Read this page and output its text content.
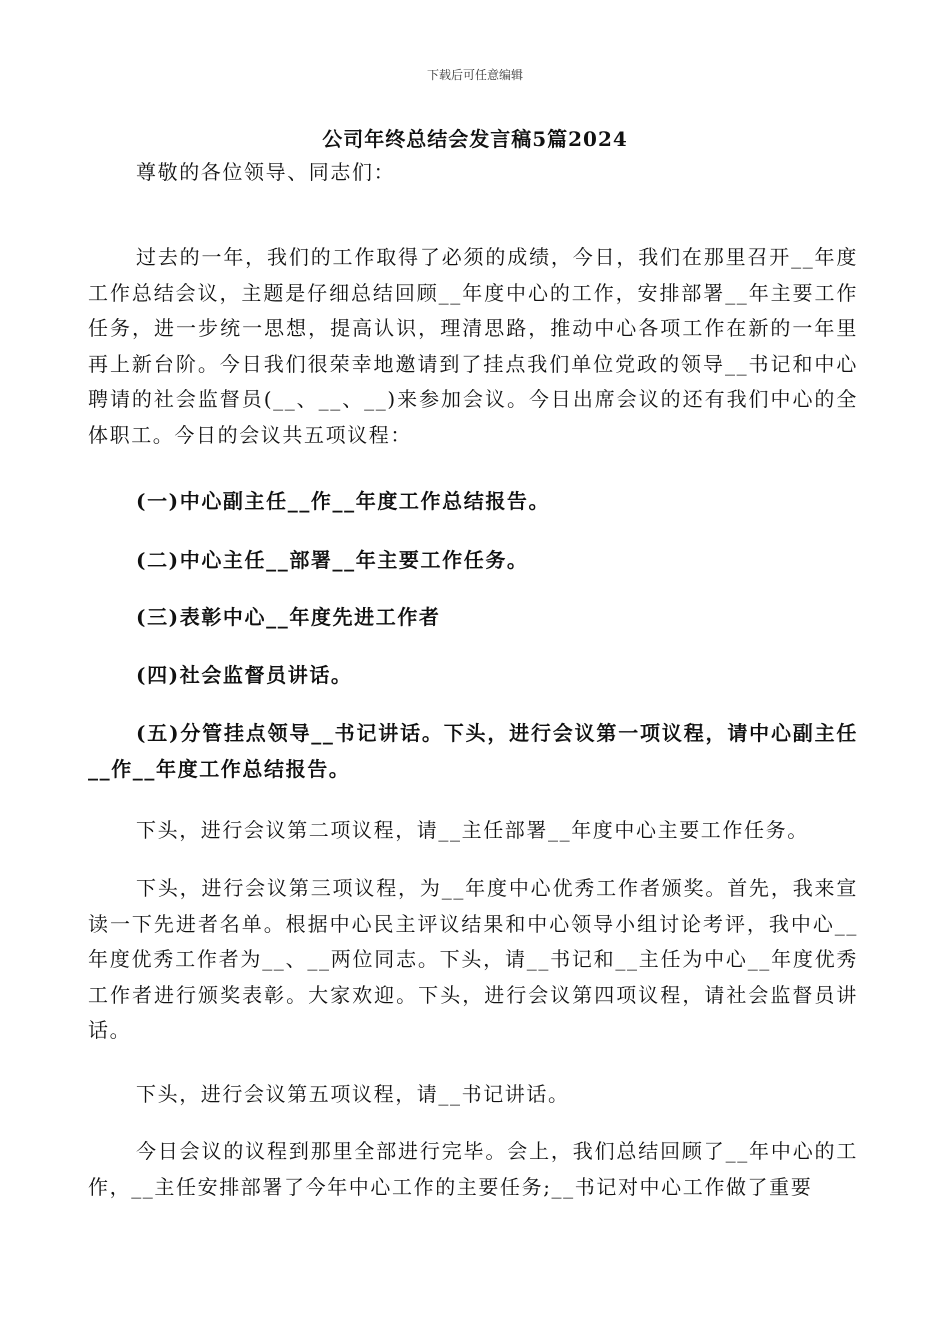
下载后可任意编辑
公司年终总结会发言稿5篇2024

尊敬的各位领导、同志们：

过去的一年，我们的工作取得了必须的成绩，今日，我们在那里召开__年度工作总结会议，主题是仔细总结回顾__年度中心的工作，安排部署__年主要工作任务，进一步统一思想，提高认识，理清思路，推动中心各项工作在新的一年里再上新台阶。今日我们很荣幸地邀请到了挂点我们单位党政的领导__书记和中心聘请的社会监督员(__、__、__)来参加会议。今日出席会议的还有我们中心的全体职工。今日的会议共五项议程：

(一)中心副主任__作__年度工作总结报告。

(二)中心主任__部署__年主要工作任务。

(三)表彰中心__年度先进工作者

(四)社会监督员讲话。

(五)分管挂点领导__书记讲话。下头，进行会议第一项议程，请中心副主任__作__年度工作总结报告。

下头，进行会议第二项议程，请__主任部署__年度中心主要工作任务。

下头，进行会议第三项议程，为__年度中心优秀工作者颁奖。首先，我来宣读一下先进者名单。根据中心民主评议结果和中心领导小组讨论考评，我中心__年度优秀工作者为__、__两位同志。下头，请__书记和__主任为中心__年度优秀工作者进行颁奖表彰。大家欢迎。下头，进行会议第四项议程，请社会监督员讲话。

下头，进行会议第五项议程，请__书记讲话。

今日会议的议程到那里全部进行完毕。会上，我们总结回顾了__年中心的工作，__主任安排部署了今年中心工作的主要任务;__书记对中心工作做了重要
